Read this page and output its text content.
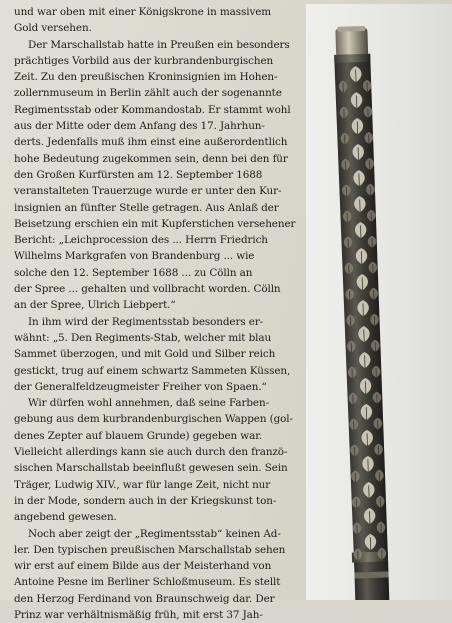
und war oben mit einer Königskrone in massivem
Gold versehen.
Der Marschallstab hatte in Preußen ein besonders
prächtiges Vorbild aus der kurbrandenburgischen
Zeit. Zu den preußischen Kroninsignien im Hohen-
zollernmuseum in Berlin zählt auch der sogenannte
Regimentsstab oder Kommandostab. Er stammt wohl
aus der Mitte oder dem Anfang des 17. Jahrhun-
derts. Jedenfalls muß ihm einst eine außerordentlich
hohe Bedeutung zugekommen sein, denn bei den für
den Großen Kurfürsten am 12. September 1688
veranstalteten Trauerzuge wurde er unter den Kur-
insignien an fünfter Stelle getragen. Aus Anlaß der
Beisetzung erschien ein mit Kupferstichen versehener
Bericht: „Leichprocession des ... Herrn Friedrich
Wilhelms Markgrafen von Brandenburg ... wie
solche den 12. September 1688 ... zu Cölln an
der Spree ... gehalten und vollbracht worden. Cölln
an der Spree, Ulrich Liebpert.“
In ihm wird der Regimentsstab besonders er-
wähnt: „5. Den Regiments-Stab, welcher mit blau
Sammet überzogen, und mit Gold und Silber reich
gestickt, trug auf einem schwartz Sammeten Küssen,
der Generalfeldzeugmeister Freiher von Spaen.“
Wir dürfen wohl annehmen, daß seine Farben-
gebung aus dem kurbrandenburgischen Wappen (gol-
denes Zepter auf blauem Grunde) gegeben war.
Vielleicht allerdings kann sie auch durch den franzö-
sischen Marschallstab beeinflußt gewesen sein. Sein
Träger, Ludwig XIV., war für lange Zeit, nicht nur
in der Mode, sondern auch in der Kriegskunst ton-
angebend gewesen.
Noch aber zeigt der „Regimentsstab“ keinen Ad-
ler. Den typischen preußischen Marschallstab sehen
wir erst auf einem Bilde aus der Meisterhand von
Antoine Pesne im Berliner Schloßmuseum. Es stellt
den Herzog Ferdinand von Braunschweig dar. Der
Prinz war verhältnismäßig früh, mit erst 37 Jah-
